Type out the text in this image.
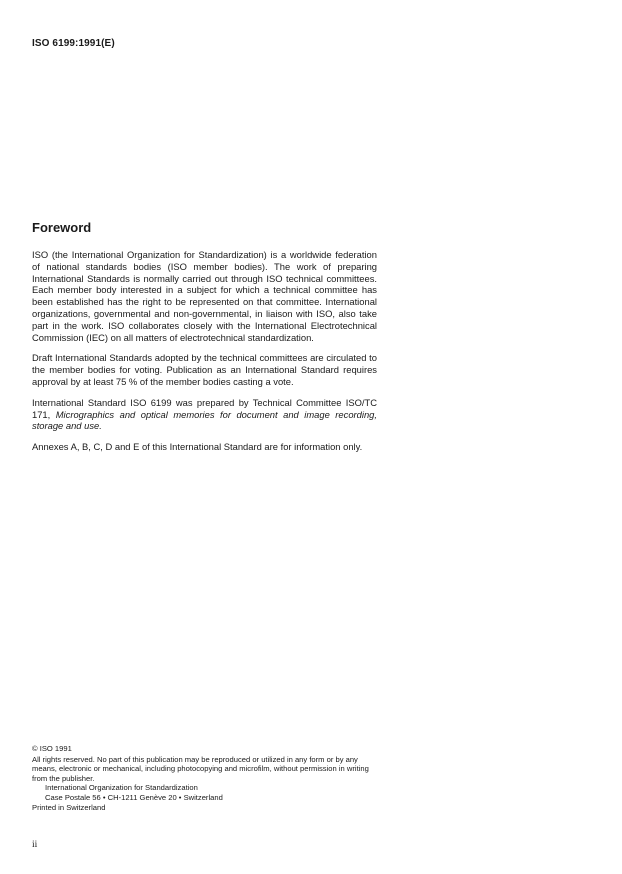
ISO 6199:1991(E)
Foreword

ISO (the International Organization for Standardization) is a worldwide federation of national standards bodies (ISO member bodies). The work of preparing International Standards is normally carried out through ISO technical committees. Each member body interested in a subject for which a technical committee has been established has the right to be represented on that committee. International organizations, governmental and non-governmental, in liaison with ISO, also take part in the work. ISO collaborates closely with the International Electrotechnical Commission (IEC) on all matters of electrotechnical standardization.

Draft International Standards adopted by the technical committees are circulated to the member bodies for voting. Publication as an International Standard requires approval by at least 75 % of the member bodies casting a vote.

International Standard ISO 6199 was prepared by Technical Committee ISO/TC 171, Micrographics and optical memories for document and image recording, storage and use.

Annexes A, B, C, D and E of this International Standard are for information only.

© ISO 1991
All rights reserved. No part of this publication may be reproduced or utilized in any form or by any means, electronic or mechanical, including photocopying and microfilm, without permission in writing from the publisher.
International Organization for Standardization
Case Postale 56 • CH-1211 Genève 20 • Switzerland
Printed in Switzerland
ii
